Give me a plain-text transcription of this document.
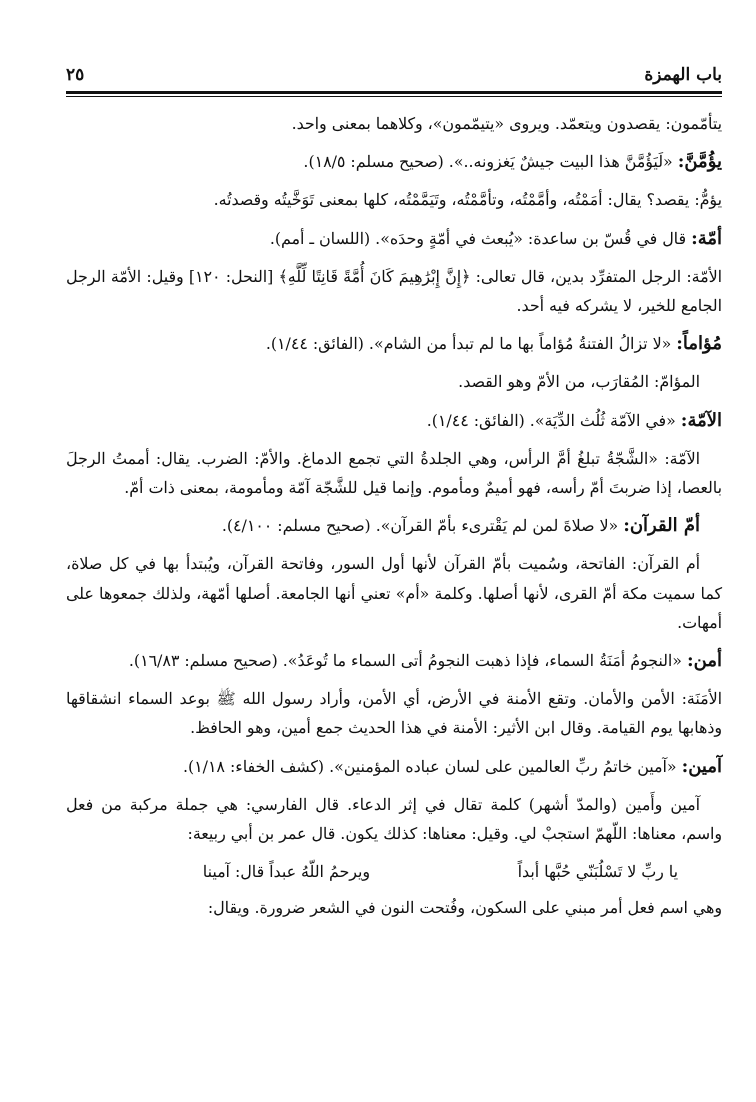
باب الهمزة
٢٥

يتأمّمون: يقصدون ويتعمّد. ويروى «يتيمّمون»، وكلاهما بمعنى واحد.

يؤُمَّنَّ: «لَيَؤُمَّنَّ هذا البيت جيشٌ يَغزونه..». (صحيح مسلم: ١٨/٥).

يؤمُّ: يقصد؟ يقال: أمَمْتُه، وأمَّمْتُه، وتأمَّمْتُه، وتَيَمَّمْتُه، كلها بمعنى تَوَخَّيتُه وقصدتُه.

أمّة: قال في قُسّ بن ساعدة: «يُبعث في أمّةٍ وحدَه». (اللسان ـ أمم).

الأمّة: الرجل المتفرِّد بدين، قال تعالى: ﴿إِنَّ إِبْرَٰهِيمَ كَانَ أُمَّةً قَانِتًا لِّلَّهِ﴾ [النحل: ١٢٠] وقيل: الأمّة الرجل الجامع للخير، لا يشركه فيه أحد.

مُؤاماً: «لا تزالُ الفتنةُ مُؤاماً بها ما لم تبدأ من الشام». (الفائق: ١/٤٤).

المؤامّ: المُقارَب، من الأمّ وهو القصد.

الآمّة: «في الآمّة ثُلُث الدِّيَة». (الفائق: ١/٤٤).

الآمّة: «الشَّجّةُ تبلغُ أمَّ الرأس، وهي الجلدةُ التي تجمع الدماغ. والأمّ: الضرب. يقال: أممتُ الرجلَ بالعصا، إذا ضربتَ أمّ رأسه، فهو أميمٌ ومأموم. وإنما قيل للشَّجّة آمّة ومأمومة، بمعنى ذات أمّ.

أمّ القرآن: «لا صلاةَ لمن لم يَقْترىء بأمّ القرآن». (صحيح مسلم: ٤/١٠٠).

أم القرآن: الفاتحة، وسُميت بأمّ القرآن لأنها أول السور، وفاتحة القرآن، ويُبتدأ بها في كل صلاة، كما سميت مكة أمّ القرى، لأنها أصلها. وكلمة «أم» تعني أنها الجامعة. أصلها أمّهة، ولذلك جمعوها على أمهات.

أمن: «النجومُ أمَنَةُ السماء، فإذا ذهبت النجومُ أتى السماء ما تُوعَدُ». (صحيح مسلم: ١٦/٨٣).

الأمَنَة: الأمن والأمان. وتقع الأمنة في الأرض، أي الأمن، وأراد رسول الله ﷺ بوعد السماء انشقاقها وذهابها يوم القيامة. وقال ابن الأثير: الأمنة في هذا الحديث جمع أمين، وهو الحافظ.

آمين: «آمين خاتمُ ربِّ العالمين على لسان عباده المؤمنين». (كشف الخفاء: ١/١٨).

آمين وأَمين (والمدّ أشهر) كلمة تقال في إثر الدعاء. قال الفارسي: هي جملة مركبة من فعل واسم، معناها: اللّهمّ استجبْ لي. وقيل: معناها: كذلك يكون. قال عمر بن أبي ربيعة:

يا ربِّ لا تَسْلُبَنّي حُبَّها أبداًويرحمُ اللّهُ عبداً قال: آمينا

وهي اسم فعل أمر مبني على السكون، وفُتحت النون في الشعر ضرورة. ويقال:
